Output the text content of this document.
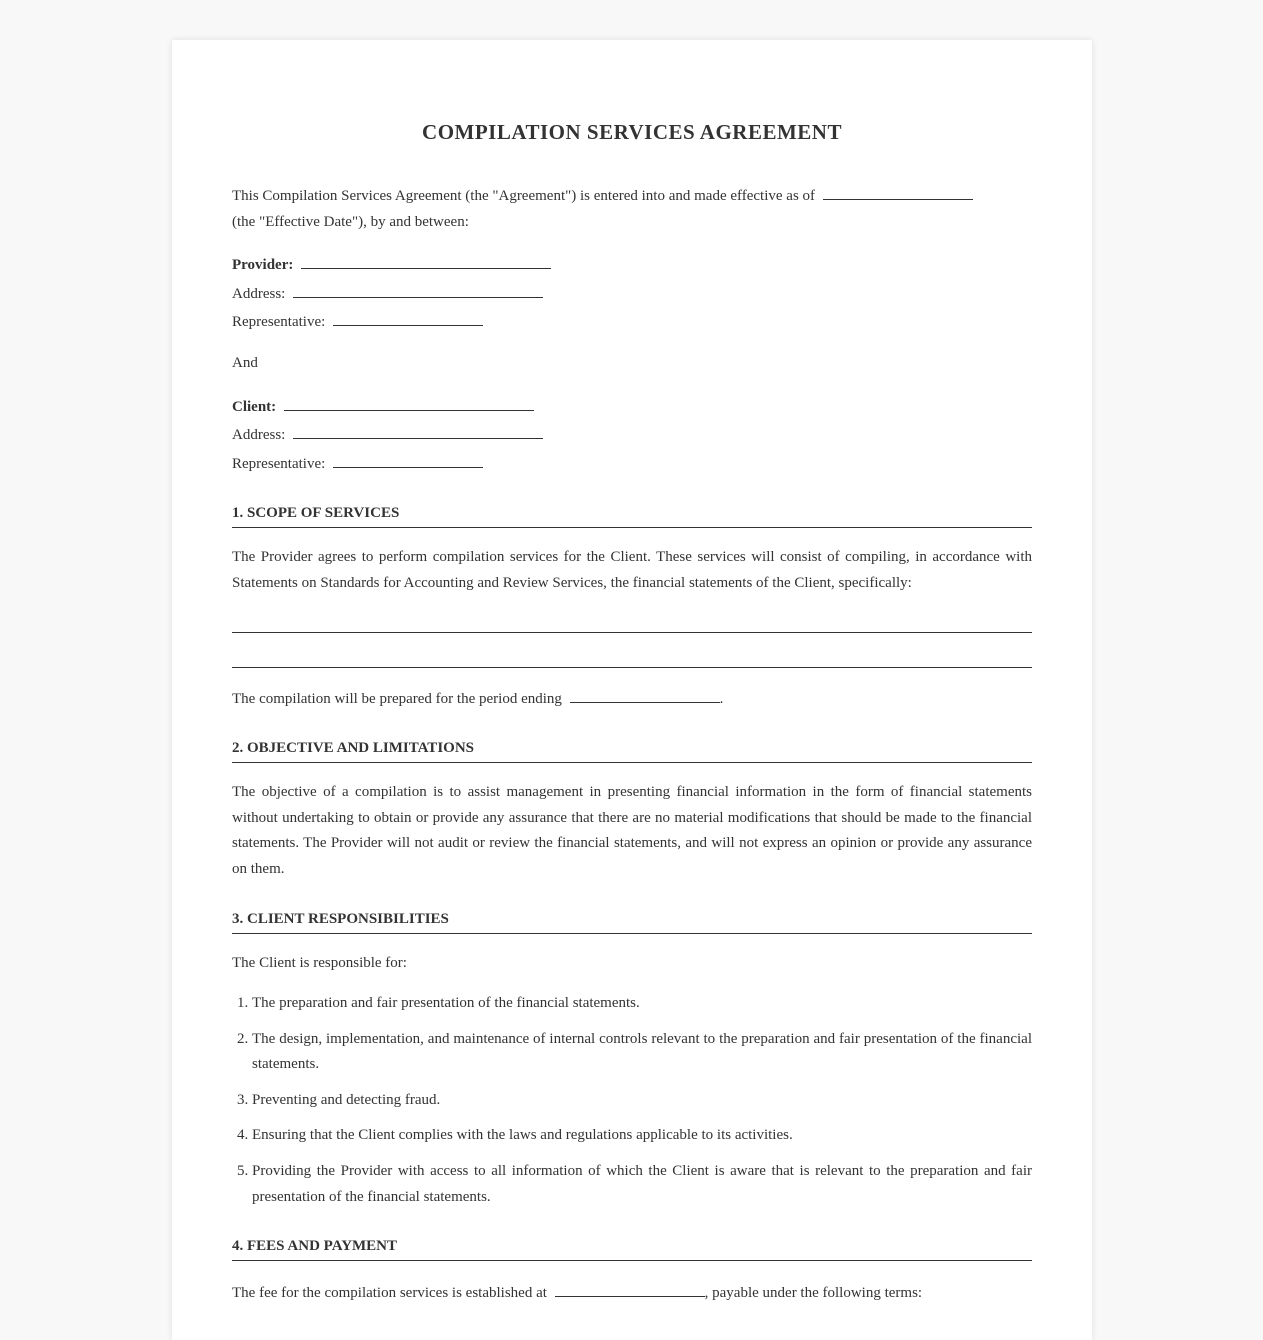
COMPILATION SERVICES AGREEMENT

This Compilation Services Agreement (the "Agreement") is entered into and made effective as of
(the "Effective Date"), by and between:

Provider:
Address:
Representative:

And

Client:
Address:
Representative:
1. SCOPE OF SERVICES

The Provider agrees to perform compilation services for the Client. These services will consist of compiling, in accordance with Statements on Standards for Accounting and Review Services, the financial statements of the Client, specifically:

The compilation will be prepared for the period ending	.

2. OBJECTIVE AND LIMITATIONS

The objective of a compilation is to assist management in presenting financial information in the form of financial statements without undertaking to obtain or provide any assurance that there are no material modifications that should be made to the financial statements. The Provider will not audit or review the financial statements, and will not express an opinion or provide any assurance on them.

3. CLIENT RESPONSIBILITIES

The Client is responsible for:

1. The preparation and fair presentation of the financial statements.
2. The design, implementation, and maintenance of internal controls relevant to the preparation and fair presentation of the financial statements.
3. Preventing and detecting fraud.
4. Ensuring that the Client complies with the laws and regulations applicable to its activities.
5. Providing the Provider with access to all information of which the Client is aware that is relevant to the preparation and fair presentation of the financial statements.
4. FEES AND PAYMENT

The fee for the compilation services is established at	, payable under the following terms:
